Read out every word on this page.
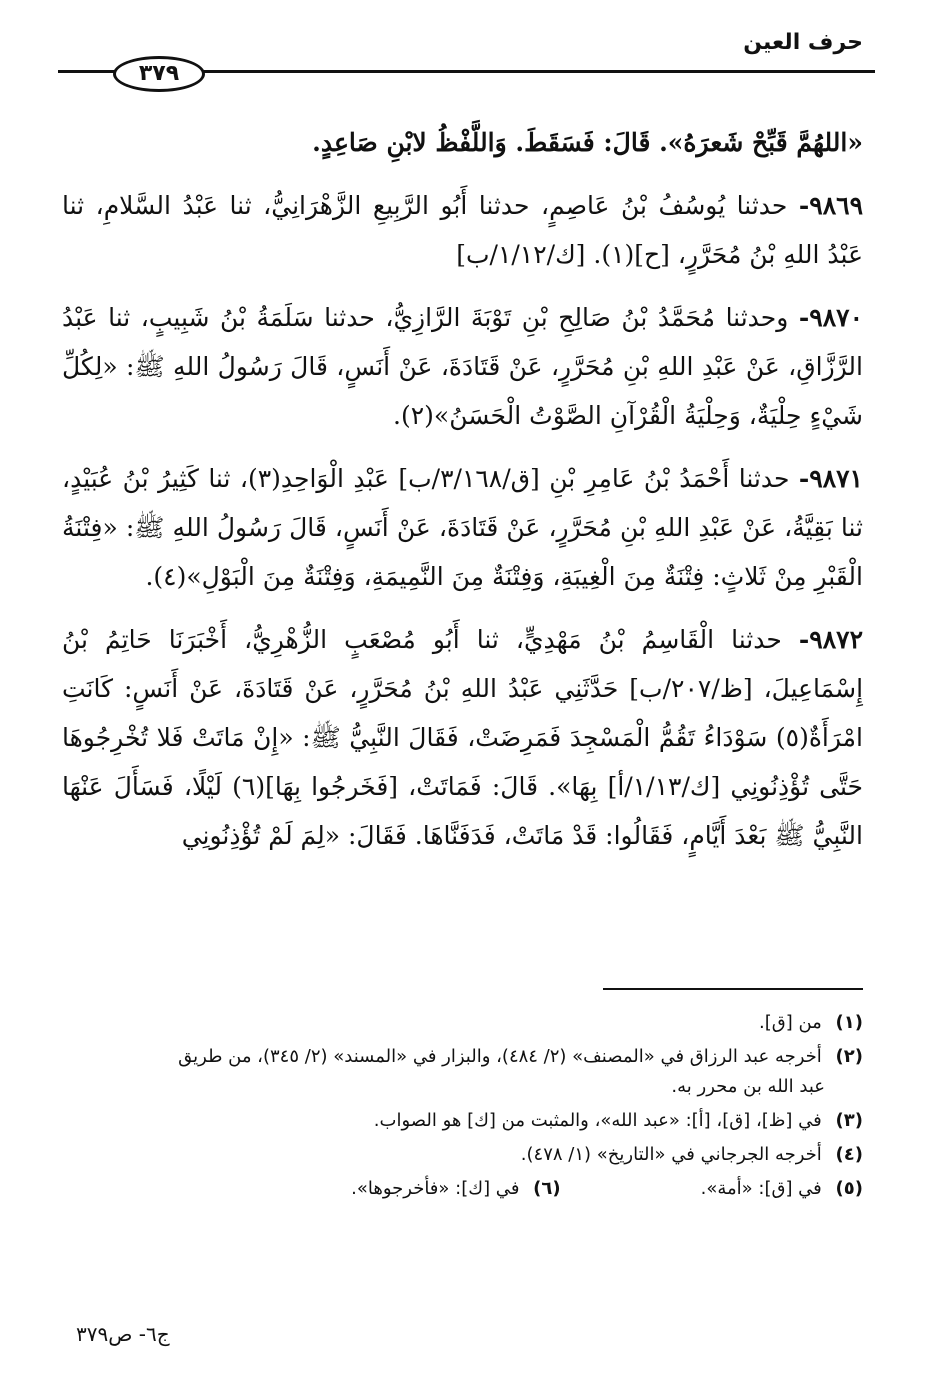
حرف العين
٣٧٩

«اللهُمَّ قَبِّحْ شَعرَهُ». قَالَ: فَسَقَطَ. وَاللَّفْظُ لابْنِ صَاعِدٍ.

٩٨٦٩- حدثنا يُوسُفُ بْنُ عَاصِمٍ، حدثنا أَبُو الرَّبِيعِ الزَّهْرَانِيُّ، ثنا عَبْدُ السَّلامِ، ثنا عَبْدُ اللهِ بْنُ مُحَرَّرٍ، [ح](١). [ك/١/١٢/ب]

٩٨٧٠- وحدثنا مُحَمَّدُ بْنُ صَالِحِ بْنِ تَوْبَةَ الرَّازِيُّ، حدثنا سَلَمَةُ بْنُ شَبِيبٍ، ثنا عَبْدُ الرَّزَّاقِ، عَنْ عَبْدِ اللهِ بْنِ مُحَرَّرٍ، عَنْ قَتَادَةَ، عَنْ أَنَسٍ، قَالَ رَسُولُ اللهِ ﷺ: «لِكُلِّ شَيْءٍ حِلْيَةٌ، وَحِلْيَةُ الْقُرْآنِ الصَّوْتُ الْحَسَنُ»(٢).

٩٨٧١- حدثنا أَحْمَدُ بْنُ عَامِرِ بْنِ [ق/٣/١٦٨/ب] عَبْدِ الْوَاحِدِ(٣)، ثنا كَثِيرُ بْنُ عُبَيْدٍ، ثنا بَقِيَّةُ، عَنْ عَبْدِ اللهِ بْنِ مُحَرَّرٍ، عَنْ قَتَادَةَ، عَنْ أَنَسٍ، قَالَ رَسُولُ اللهِ ﷺ: «فِتْنَةُ الْقَبْرِ مِنْ ثَلاثٍ: فِتْنَةٌ مِنَ الْغِيبَةِ، وَفِتْنَةٌ مِنَ النَّمِيمَةِ، وَفِتْنَةٌ مِنَ الْبَوْلِ»(٤).

٩٨٧٢- حدثنا الْقَاسِمُ بْنُ مَهْدِيٍّ، ثنا أَبُو مُصْعَبٍ الزُّهْرِيُّ، أَخْبَرَنَا حَاتِمُ بْنُ إِسْمَاعِيلَ، [ظ/٢٠٧/ب] حَدَّثَنِي عَبْدُ اللهِ بْنُ مُحَرَّرٍ، عَنْ قَتَادَةَ، عَنْ أَنَسٍ: كَانَتِ امْرَأَةٌ(٥) سَوْدَاءُ تَقُمُّ الْمَسْجِدَ فَمَرِضَتْ، فَقَالَ النَّبِيُّ ﷺ: «إِنْ مَاتَتْ فَلا تُخْرِجُوهَا حَتَّى تُؤْذِنُونِي [ك/١/١٣/أ] بِهَا». قَالَ: فَمَاتَتْ، [فَخَرجُوا بِهَا](٦) لَيْلًا، فَسَأَلَ عَنْهَا النَّبِيُّ ﷺ بَعْدَ أَيَّامٍ، فَقَالُوا: قَدْ مَاتَتْ، فَدَفَنَّاهَا. فَقَالَ: «لِمَ لَمْ تُؤْذِنُونِي

(١) من [ق].
(٢) أخرجه عبد الرزاق في «المصنف» (٢/ ٤٨٤)، والبزار في «المسند» (٢/ ٣٤٥)، من طريق
عبد الله بن محرر به.
(٣) في [ظ]، [ق]، [أ]: «عبد الله»، والمثبت من [ك] هو الصواب.
(٤) أخرجه الجرجاني في «التاريخ» (١/ ٤٧٨).
(٥) في [ق]: «أمة».
(٦) في [ك]: «فأخرجوها».
ج٦- ص٣٧٩
